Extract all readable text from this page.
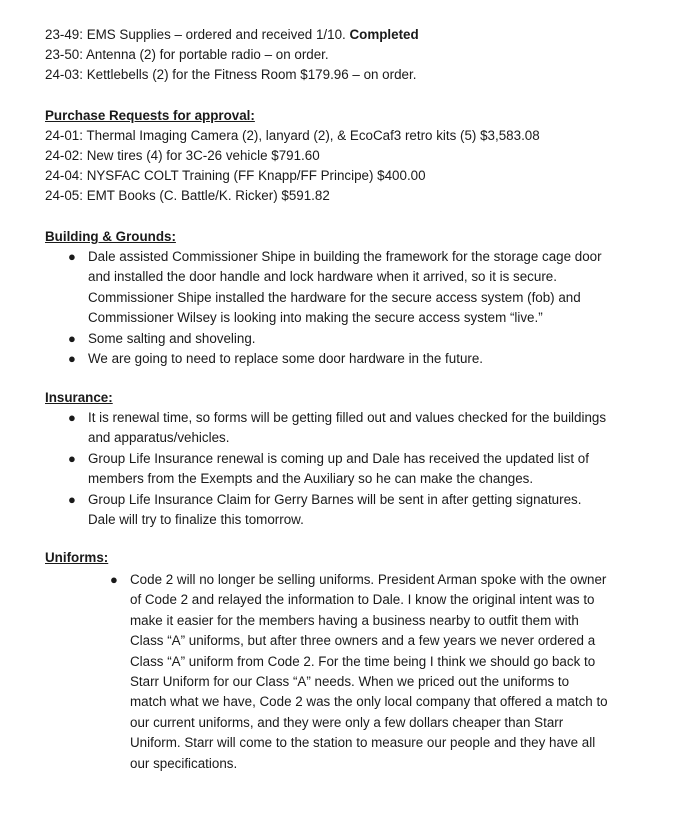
23-49: EMS Supplies – ordered and received 1/10. Completed
23-50: Antenna (2) for portable radio – on order.
24-03: Kettlebells (2) for the Fitness Room $179.96 – on order.
Purchase Requests for approval:
24-01: Thermal Imaging Camera (2), lanyard (2), & EcoCaf3 retro kits (5) $3,583.08
24-02: New tires (4) for 3C-26 vehicle $791.60
24-04: NYSFAC COLT Training (FF Knapp/FF Principe) $400.00
24-05: EMT Books (C. Battle/K. Ricker) $591.82
Building & Grounds:
● Dale assisted Commissioner Shipe in building the framework for the storage cage door and installed the door handle and lock hardware when it arrived, so it is secure. Commissioner Shipe installed the hardware for the secure access system (fob) and Commissioner Wilsey is looking into making the secure access system “live.”
● Some salting and shoveling.
● We are going to need to replace some door hardware in the future.
Insurance:
● It is renewal time, so forms will be getting filled out and values checked for the buildings and apparatus/vehicles.
● Group Life Insurance renewal is coming up and Dale has received the updated list of members from the Exempts and the Auxiliary so he can make the changes.
● Group Life Insurance Claim for Gerry Barnes will be sent in after getting signatures. Dale will try to finalize this tomorrow.
Uniforms:
● Code 2 will no longer be selling uniforms. President Arman spoke with the owner of Code 2 and relayed the information to Dale. I know the original intent was to make it easier for the members having a business nearby to outfit them with Class “A” uniforms, but after three owners and a few years we never ordered a Class “A” uniform from Code 2. For the time being I think we should go back to Starr Uniform for our Class “A” needs. When we priced out the uniforms to match what we have, Code 2 was the only local company that offered a match to our current uniforms, and they were only a few dollars cheaper than Starr Uniform. Starr will come to the station to measure our people and they have all our specifications.
